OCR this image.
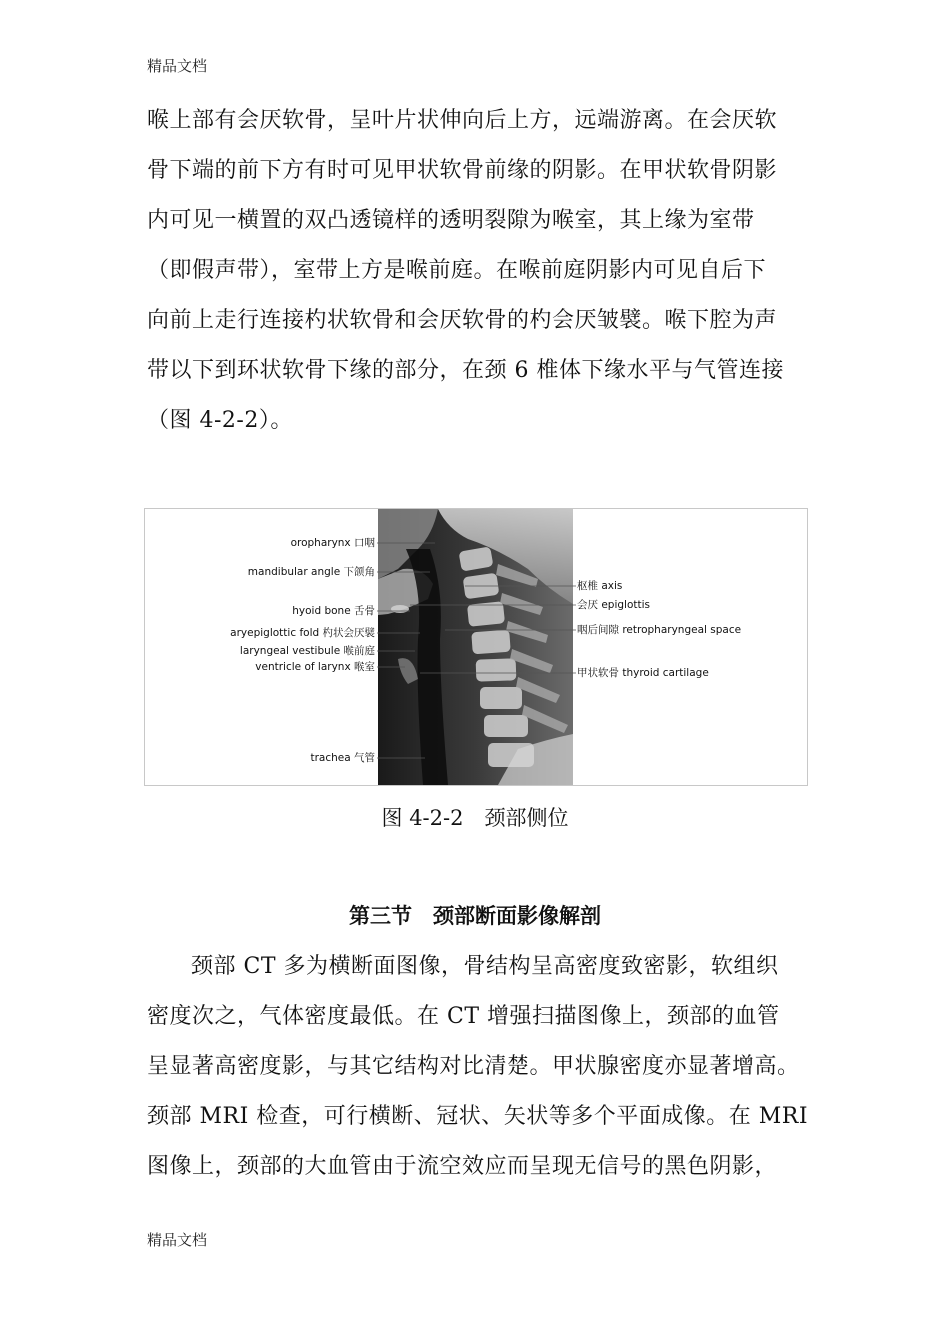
精品文档

喉上部有会厌软骨，呈叶片状伸向后上方，远端游离。在会厌软

骨下端的前下方有时可见甲状软骨前缘的阴影。在甲状软骨阴影

内可见一横置的双凸透镜样的透明裂隙为喉室，其上缘为室带

（即假声带），室带上方是喉前庭。在喉前庭阴影内可见自后下

向前上走行连接杓状软骨和会厌软骨的杓会厌皱襞。喉下腔为声

带以下到环状软骨下缘的部分，在颈 6 椎体下缘水平与气管连接

（图 4-2-2）。

oropharynx 口咽
mandibular angle 下颌角
hyoid bone 舌骨
aryepiglottic fold 杓状会厌襞
laryngeal vestibule 喉前庭
ventricle of larynx 喉室
trachea 气管
枢椎 axis
会厌 epiglottis
咽后间隙 retropharyngeal space
甲状软骨 thyroid cartilage
图 4-2-2　颈部侧位
第三节　颈部断面影像解剖

颈部 CT 多为横断面图像，骨结构呈高密度致密影，软组织

密度次之，气体密度最低。在 CT 增强扫描图像上，颈部的血管

呈显著高密度影，与其它结构对比清楚。甲状腺密度亦显著增高。

颈部 MRI 检查，可行横断、冠状、矢状等多个平面成像。在 MRI

图像上，颈部的大血管由于流空效应而呈现无信号的黑色阴影，

精品文档
